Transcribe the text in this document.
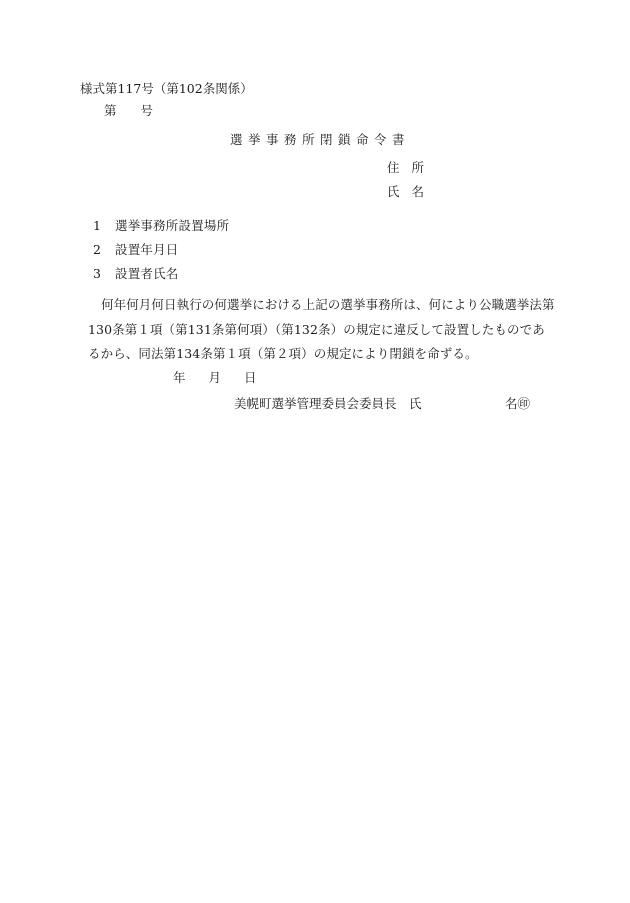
様式第117号（第102条関係）
第 号
選挙事務所閉鎖命令書
住 所
氏 名
1 選挙事務所設置場所
2 設置年月日
3 設置者氏名
何年何月何日執行の何選挙における上記の選挙事務所は、何により公職選挙法第130条第１項（第131条第何項）（第132条）の規定に違反して設置したものであるから、同法第134条第１項（第２項）の規定により閉鎖を命ずる。
年 月 日
美幌町選挙管理委員会委員長　氏	名㊞
